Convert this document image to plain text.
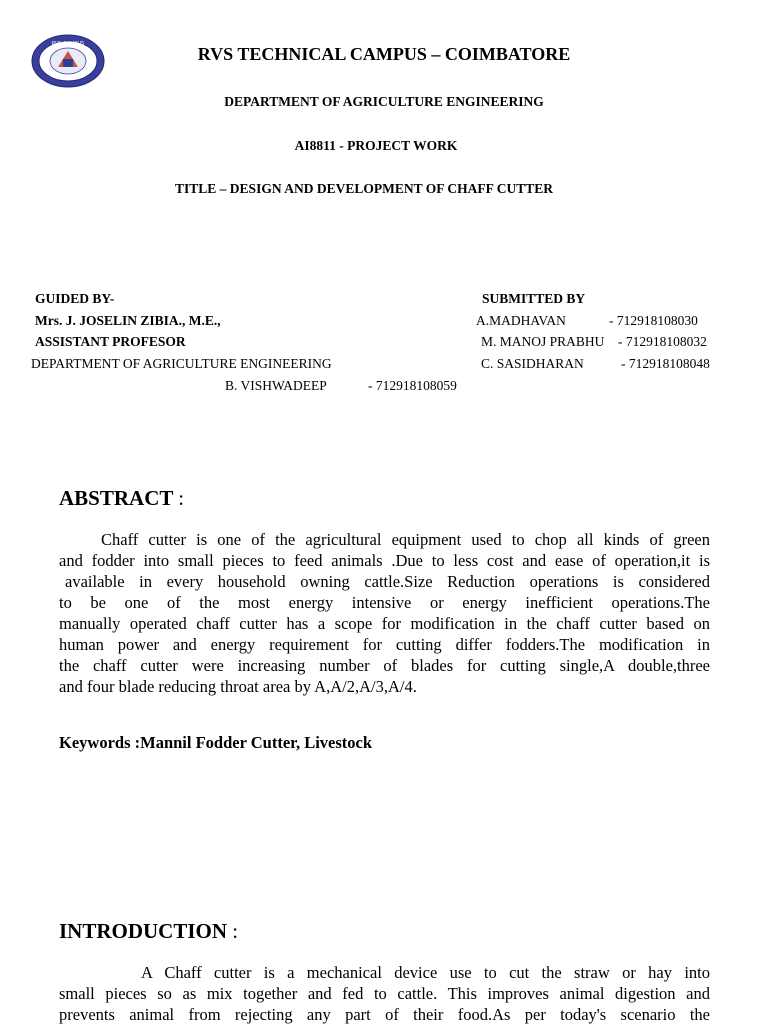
RVS CAMPUS	RVS TECHNICAL CAMPUS – COIMBATORE
DEPARTMENT OF AGRICULTURE ENGINEERING
AI8811 - PROJECT WORK
TITLE – DESIGN AND DEVELOPMENT OF CHAFF CUTTER
GUIDED BY-
Mrs. J. JOSELIN ZIBIA., M.E.,
ASSISTANT PROFESOR
DEPARTMENT OF AGRICULTURE ENGINEERING
SUBMITTED BY
A.MADHAVAN	- 712918108030
M. MANOJ PRABHU - 712918108032
C. SASIDHARAN	- 712918108048
B. VISHWADEEP	- 712918108059
ABSTRACT :
Chaff cutter is one of the agricultural equipment used to chop all kinds of green
and fodder into small pieces to feed animals .Due to less cost and ease of operation,it is
available in every household owning cattle.Size Reduction operations is considered
to be one of the most energy intensive or energy inefficient operations.The
manually operated chaff cutter has a scope for modification in the chaff cutter based on
human power and energy requirement for cutting differ fodders.The modification in
the chaff cutter were increasing number of blades for cutting single,A double,three
and four blade reducing throat area by A,A/2,A/3,A/4.
Keywords :Mannil Fodder Cutter, Livestock
INTRODUCTION :
A Chaff cutter is a mechanical device use to cut the straw or hay into
small pieces so as mix together and fed to cattle. This improves animal digestion and
prevents animal from rejecting any part of their food.As per today's scenario the
